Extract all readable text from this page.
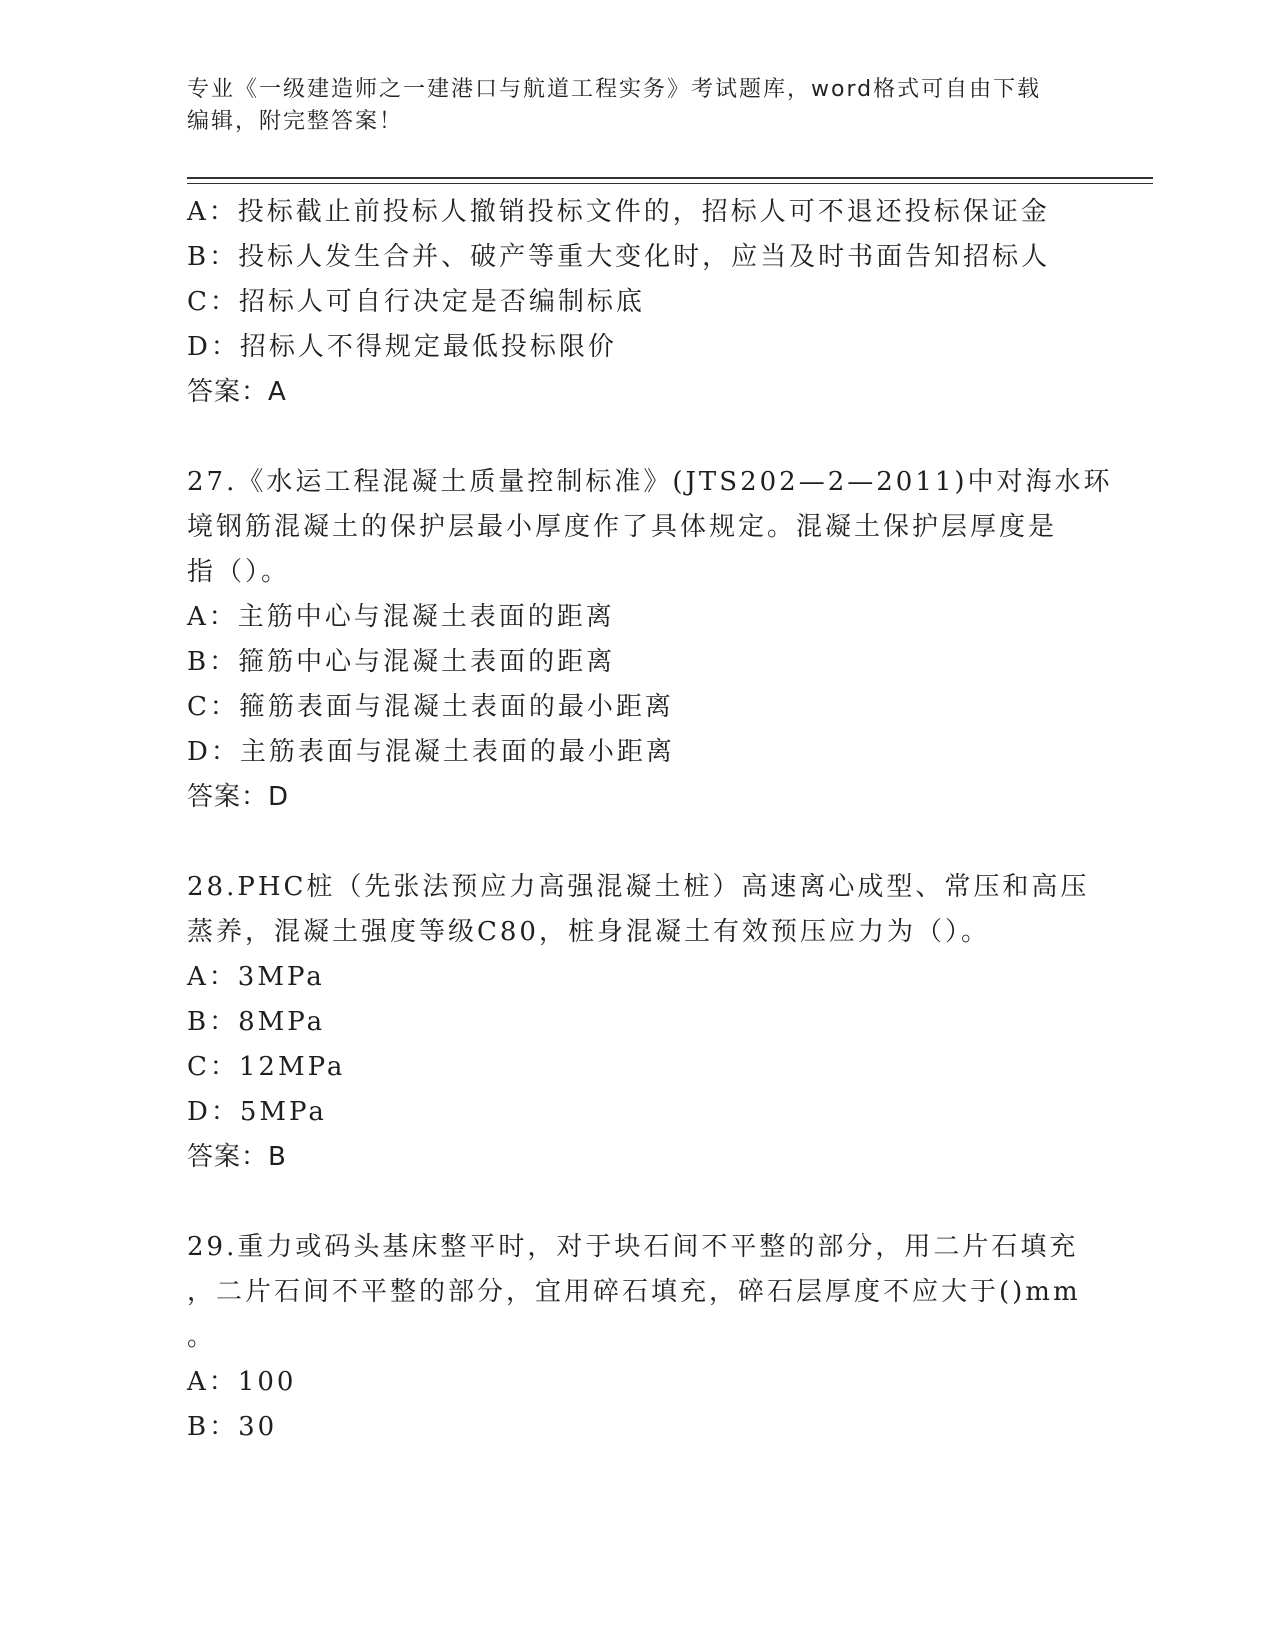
专业《一级建造师之一建港口与航道工程实务》考试题库，word格式可自由下载
编辑，附完整答案！
A：投标截止前投标人撤销投标文件的，招标人可不退还投标保证金
B：投标人发生合并、破产等重大变化时，应当及时书面告知招标人
C：招标人可自行决定是否编制标底
D：招标人不得规定最低投标限价
答案：A
27.《水运工程混凝土质量控制标准》(JTS202—2—2011)中对海水环
境钢筋混凝土的保护层最小厚度作了具体规定。混凝土保护层厚度是
指（）。
A：主筋中心与混凝土表面的距离
B：箍筋中心与混凝土表面的距离
C：箍筋表面与混凝土表面的最小距离
D：主筋表面与混凝土表面的最小距离
答案：D
28.PHC桩（先张法预应力高强混凝土桩）高速离心成型、常压和高压
蒸养，混凝土强度等级C80，桩身混凝土有效预压应力为（）。
A：3MPa
B：8MPa
C：12MPa
D：5MPa
答案：B
29.重力或码头基床整平时，对于块石间不平整的部分，用二片石填充
，二片石间不平整的部分，宜用碎石填充，碎石层厚度不应大于()mm
。
A：100
B：30
